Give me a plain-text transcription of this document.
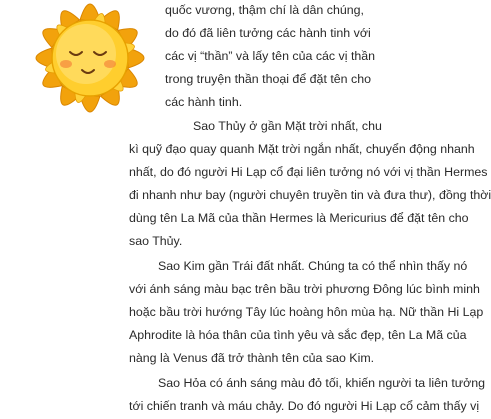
quốc vương, thậm chí là dân chúng,
do đó đã liên tưởng các hành tinh với
các vị “thần” và lấy tên của các vị thần
trong truyện thần thoại để đặt tên cho
các hành tinh.
Sao Thủy ở gần Mặt trời nhất, chu
kì quỹ đạo quay quanh Mặt trời ngắn nhất, chuyển động nhanh
nhất, do đó người Hi Lạp cổ đại liên tưởng nó với vị thần Hermes
đi nhanh như bay (người chuyên truyền tin và đưa thư), đồng thời
dùng tên La Mã của thần Hermes là Mericurius để đặt tên cho
sao Thủy.
Sao Kim gần Trái đất nhất. Chúng ta có thể nhìn thấy nó
với ánh sáng màu bạc trên bầu trời phương Đông lúc bình minh
hoặc bầu trời hướng Tây lúc hoàng hôn mùa hạ. Nữ thần Hi Lạp
Aphrodite là hóa thân của tình yêu và sắc đẹp, tên La Mã của
nàng là Venus đã trở thành tên của sao Kim.
Sao Hỏa có ánh sáng màu đỏ tối, khiến người ta liên tưởng
tới chiến tranh và máu chảy. Do đó người Hi Lạp cổ cảm thấy vị
